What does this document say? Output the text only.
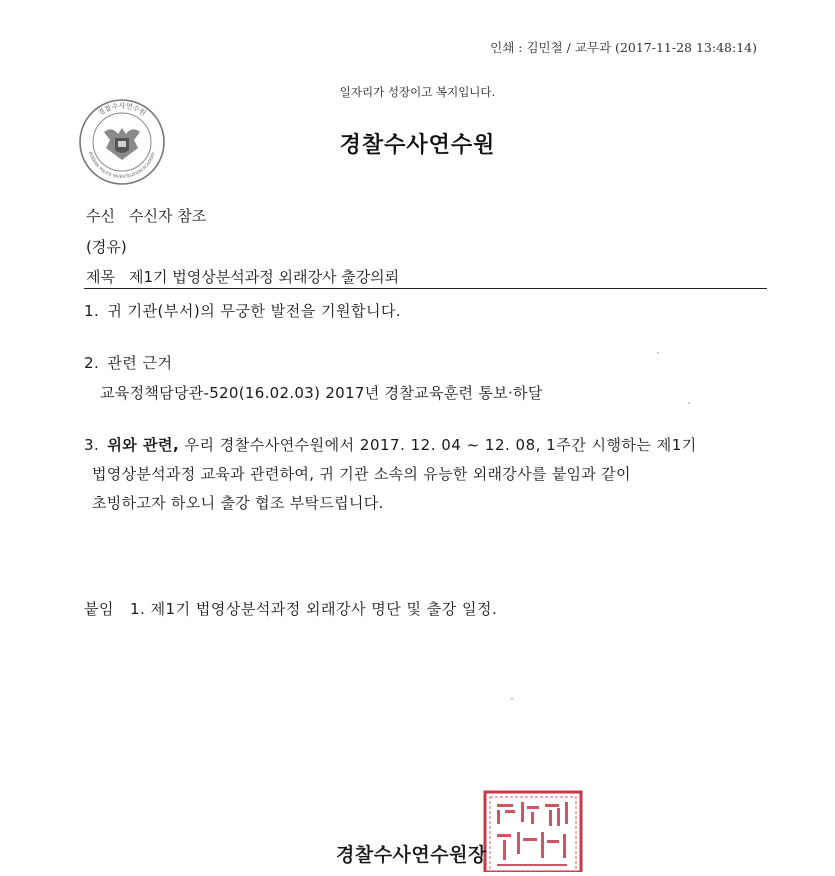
인쇄 : 김민철 / 교무과 (2017-11-28 13:48:14)
일자리가 성장이고 복지입니다.
경찰수사연수원
KOREAN POLICE INVESTIGATION ACADEMY	경찰수사연수원
수신 수신자 참조
(경유)
제목 제1기 법영상분석과정 외래강사 출강의뢰
1. 귀 기관(부서)의 무궁한 발전을 기원합니다.
2. 관련 근거
교육정책담당관-520(16.02.03) 2017년 경찰교육훈련 통보·하달
3. 위와 관련, 우리 경찰수사연수원에서 2017. 12. 04 ~ 12. 08, 1주간 시행하는 제1기
법영상분석과정 교육과 관련하여, 귀 기관 소속의 유능한 외래강사를 붙임과 같이
초빙하고자 하오니 출강 협조 부탁드립니다.
붙임 1. 제1기 법영상분석과정 외래강사 명단 및 출강 일정.
경찰수사연수원장
